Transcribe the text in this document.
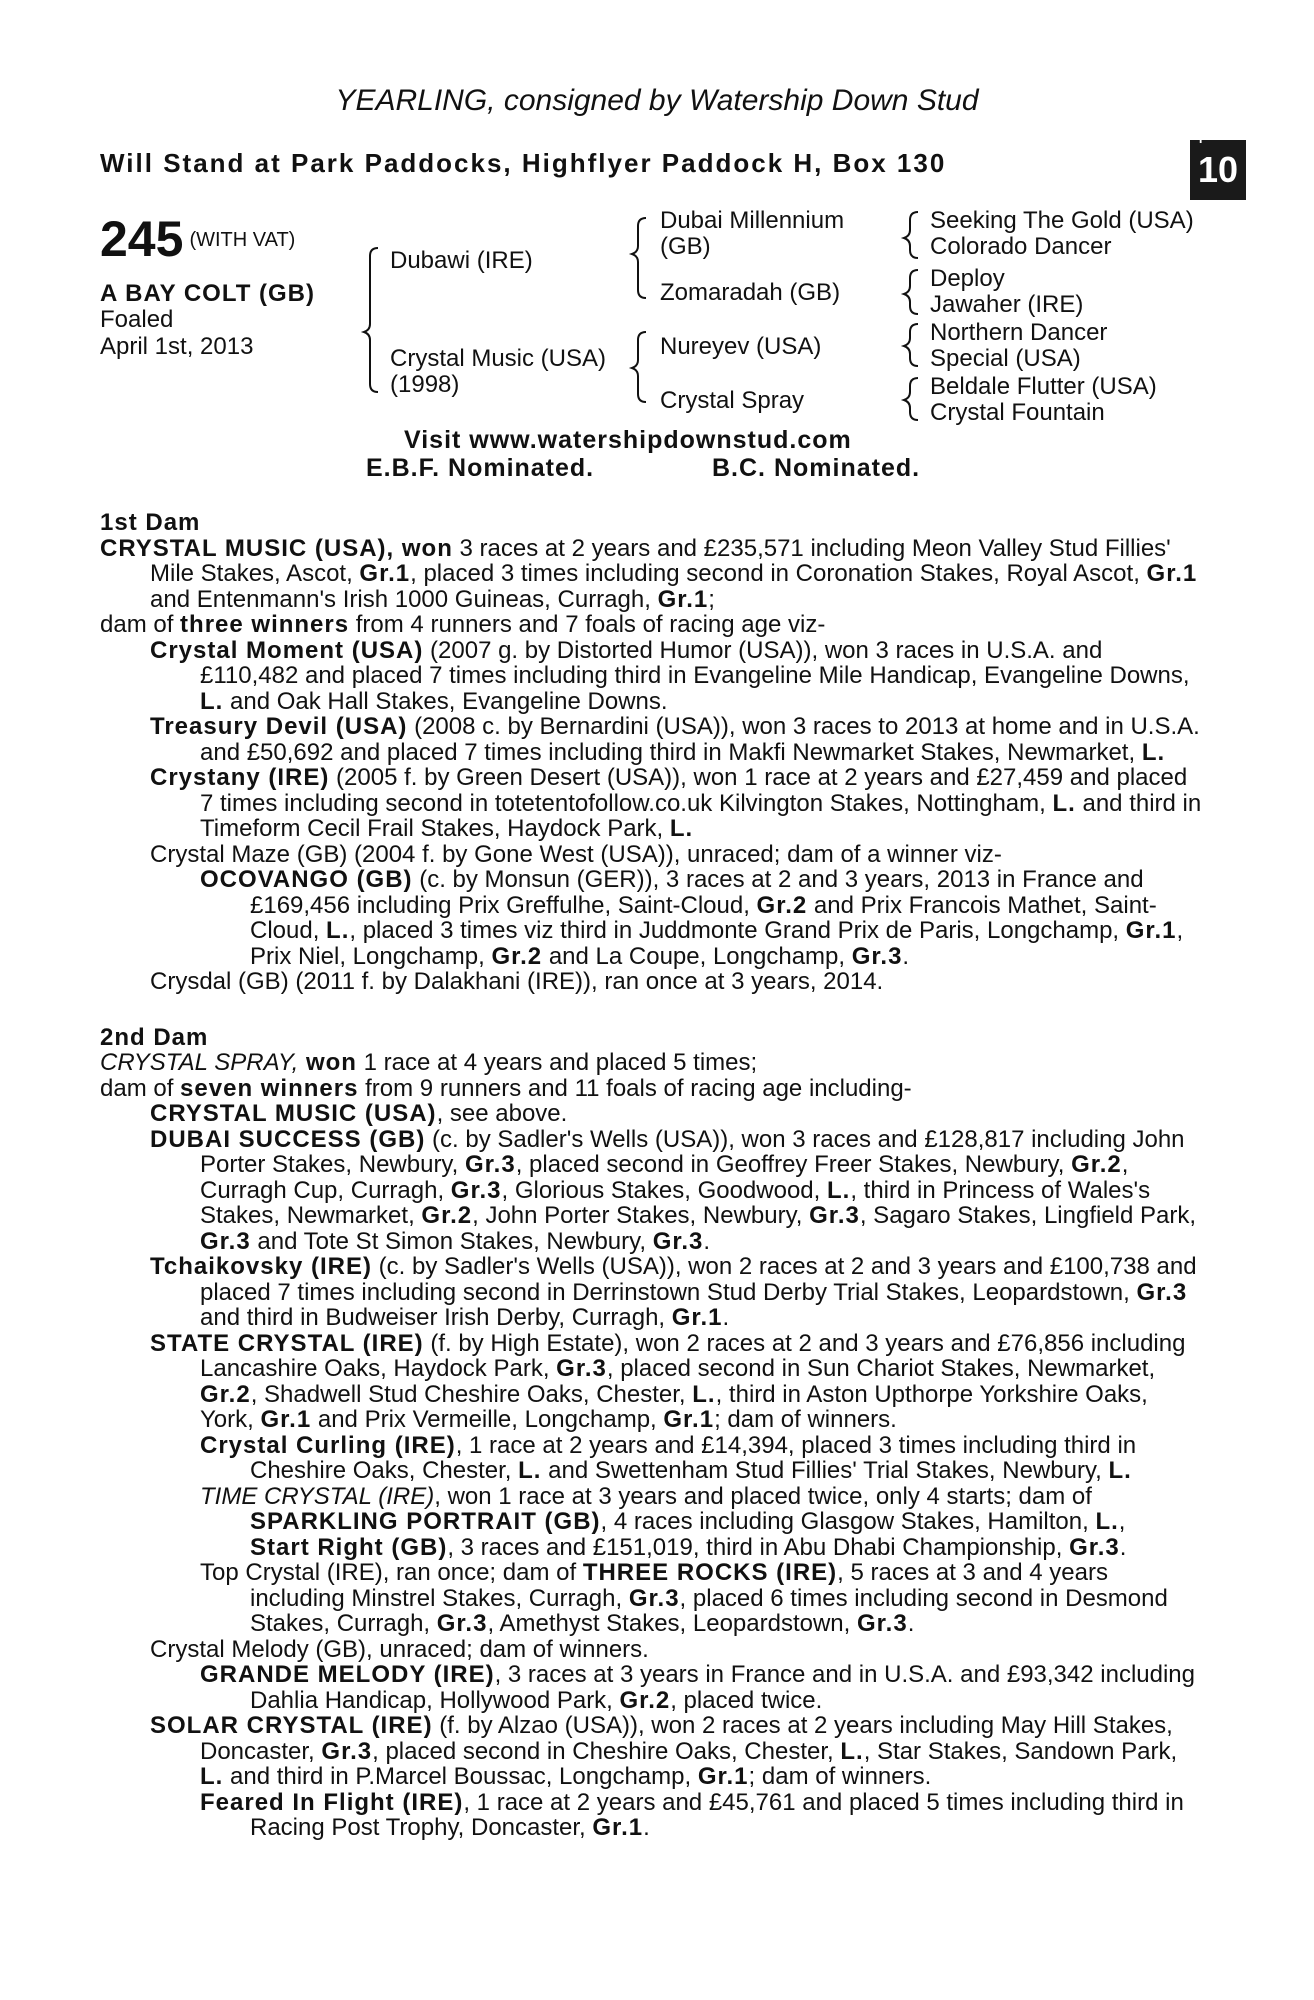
YEARLING, consigned by Watership Down Stud
Will Stand at Park Paddocks, Highflyer Paddock H, Box 130
+
10
245 $^{(WITH VAT)}$
A BAY COLT (GB)
Foaled
April 1st, 2013
Dubawi (IRE)
Crystal Music (USA)
(1998)
Dubai Millennium
(GB)
Zomaradah (GB)
Nureyev (USA)
Crystal Spray
Seeking The Gold (USA)
Colorado Dancer
Deploy
Jawaher (IRE)
Northern Dancer
Special (USA)
Beldale Flutter (USA)
Crystal Fountain
Visit www.watershipdownstud.com
E.B.F. Nominated.	B.C. Nominated.

1st Dam

CRYSTAL MUSIC (USA), won 3 races at 2 years and £235,571 including Meon Valley Stud Fillies' Mile Stakes, Ascot, Gr.1, placed 3 times including second in Coronation Stakes, Royal Ascot, Gr.1 and Entenmann's Irish 1000 Guineas, Curragh, Gr.1;

dam of three winners from 4 runners and 7 foals of racing age viz-

Crystal Moment (USA) (2007 g. by Distorted Humor (USA)), won 3 races in U.S.A. and £110,482 and placed 7 times including third in Evangeline Mile Handicap, Evangeline Downs, L. and Oak Hall Stakes, Evangeline Downs.

Treasury Devil (USA) (2008 c. by Bernardini (USA)), won 3 races to 2013 at home and in U.S.A. and £50,692 and placed 7 times including third in Makfi Newmarket Stakes, Newmarket, L.

Crystany (IRE) (2005 f. by Green Desert (USA)), won 1 race at 2 years and £27,459 and placed 7 times including second in totetentofollow.co.uk Kilvington Stakes, Nottingham, L. and third in Timeform Cecil Frail Stakes, Haydock Park, L.

Crystal Maze (GB) (2004 f. by Gone West (USA)), unraced; dam of a winner viz-

OCOVANGO (GB) (c. by Monsun (GER)), 3 races at 2 and 3 years, 2013 in France and £169,456 including Prix Greffulhe, Saint-Cloud, Gr.2 and Prix Francois Mathet, Saint-Cloud, L., placed 3 times viz third in Juddmonte Grand Prix de Paris, Longchamp, Gr.1, Prix Niel, Longchamp, Gr.2 and La Coupe, Longchamp, Gr.3.

Crysdal (GB) (2011 f. by Dalakhani (IRE)), ran once at 3 years, 2014.

2nd Dam

CRYSTAL SPRAY, won 1 race at 4 years and placed 5 times;

dam of seven winners from 9 runners and 11 foals of racing age including-

CRYSTAL MUSIC (USA), see above.

DUBAI SUCCESS (GB) (c. by Sadler's Wells (USA)), won 3 races and £128,817 including John Porter Stakes, Newbury, Gr.3, placed second in Geoffrey Freer Stakes, Newbury, Gr.2, Curragh Cup, Curragh, Gr.3, Glorious Stakes, Goodwood, L., third in Princess of Wales's Stakes, Newmarket, Gr.2, John Porter Stakes, Newbury, Gr.3, Sagaro Stakes, Lingfield Park, Gr.3 and Tote St Simon Stakes, Newbury, Gr.3.

Tchaikovsky (IRE) (c. by Sadler's Wells (USA)), won 2 races at 2 and 3 years and £100,738 and placed 7 times including second in Derrinstown Stud Derby Trial Stakes, Leopardstown, Gr.3 and third in Budweiser Irish Derby, Curragh, Gr.1.

STATE CRYSTAL (IRE) (f. by High Estate), won 2 races at 2 and 3 years and £76,856 including Lancashire Oaks, Haydock Park, Gr.3, placed second in Sun Chariot Stakes, Newmarket, Gr.2, Shadwell Stud Cheshire Oaks, Chester, L., third in Aston Upthorpe Yorkshire Oaks, York, Gr.1 and Prix Vermeille, Longchamp, Gr.1; dam of winners.

Crystal Curling (IRE), 1 race at 2 years and £14,394, placed 3 times including third in Cheshire Oaks, Chester, L. and Swettenham Stud Fillies' Trial Stakes, Newbury, L.

TIME CRYSTAL (IRE), won 1 race at 3 years and placed twice, only 4 starts; dam of

SPARKLING PORTRAIT (GB), 4 races including Glasgow Stakes, Hamilton, L.,

Start Right (GB), 3 races and £151,019, third in Abu Dhabi Championship, Gr.3.

Top Crystal (IRE), ran once; dam of THREE ROCKS (IRE), 5 races at 3 and 4 years including Minstrel Stakes, Curragh, Gr.3, placed 6 times including second in Desmond Stakes, Curragh, Gr.3, Amethyst Stakes, Leopardstown, Gr.3.

Crystal Melody (GB), unraced; dam of winners.

GRANDE MELODY (IRE), 3 races at 3 years in France and in U.S.A. and £93,342 including Dahlia Handicap, Hollywood Park, Gr.2, placed twice.

SOLAR CRYSTAL (IRE) (f. by Alzao (USA)), won 2 races at 2 years including May Hill Stakes, Doncaster, Gr.3, placed second in Cheshire Oaks, Chester, L., Star Stakes, Sandown Park, L. and third in P.Marcel Boussac, Longchamp, Gr.1; dam of winners.

Feared In Flight (IRE), 1 race at 2 years and £45,761 and placed 5 times including third in Racing Post Trophy, Doncaster, Gr.1.
